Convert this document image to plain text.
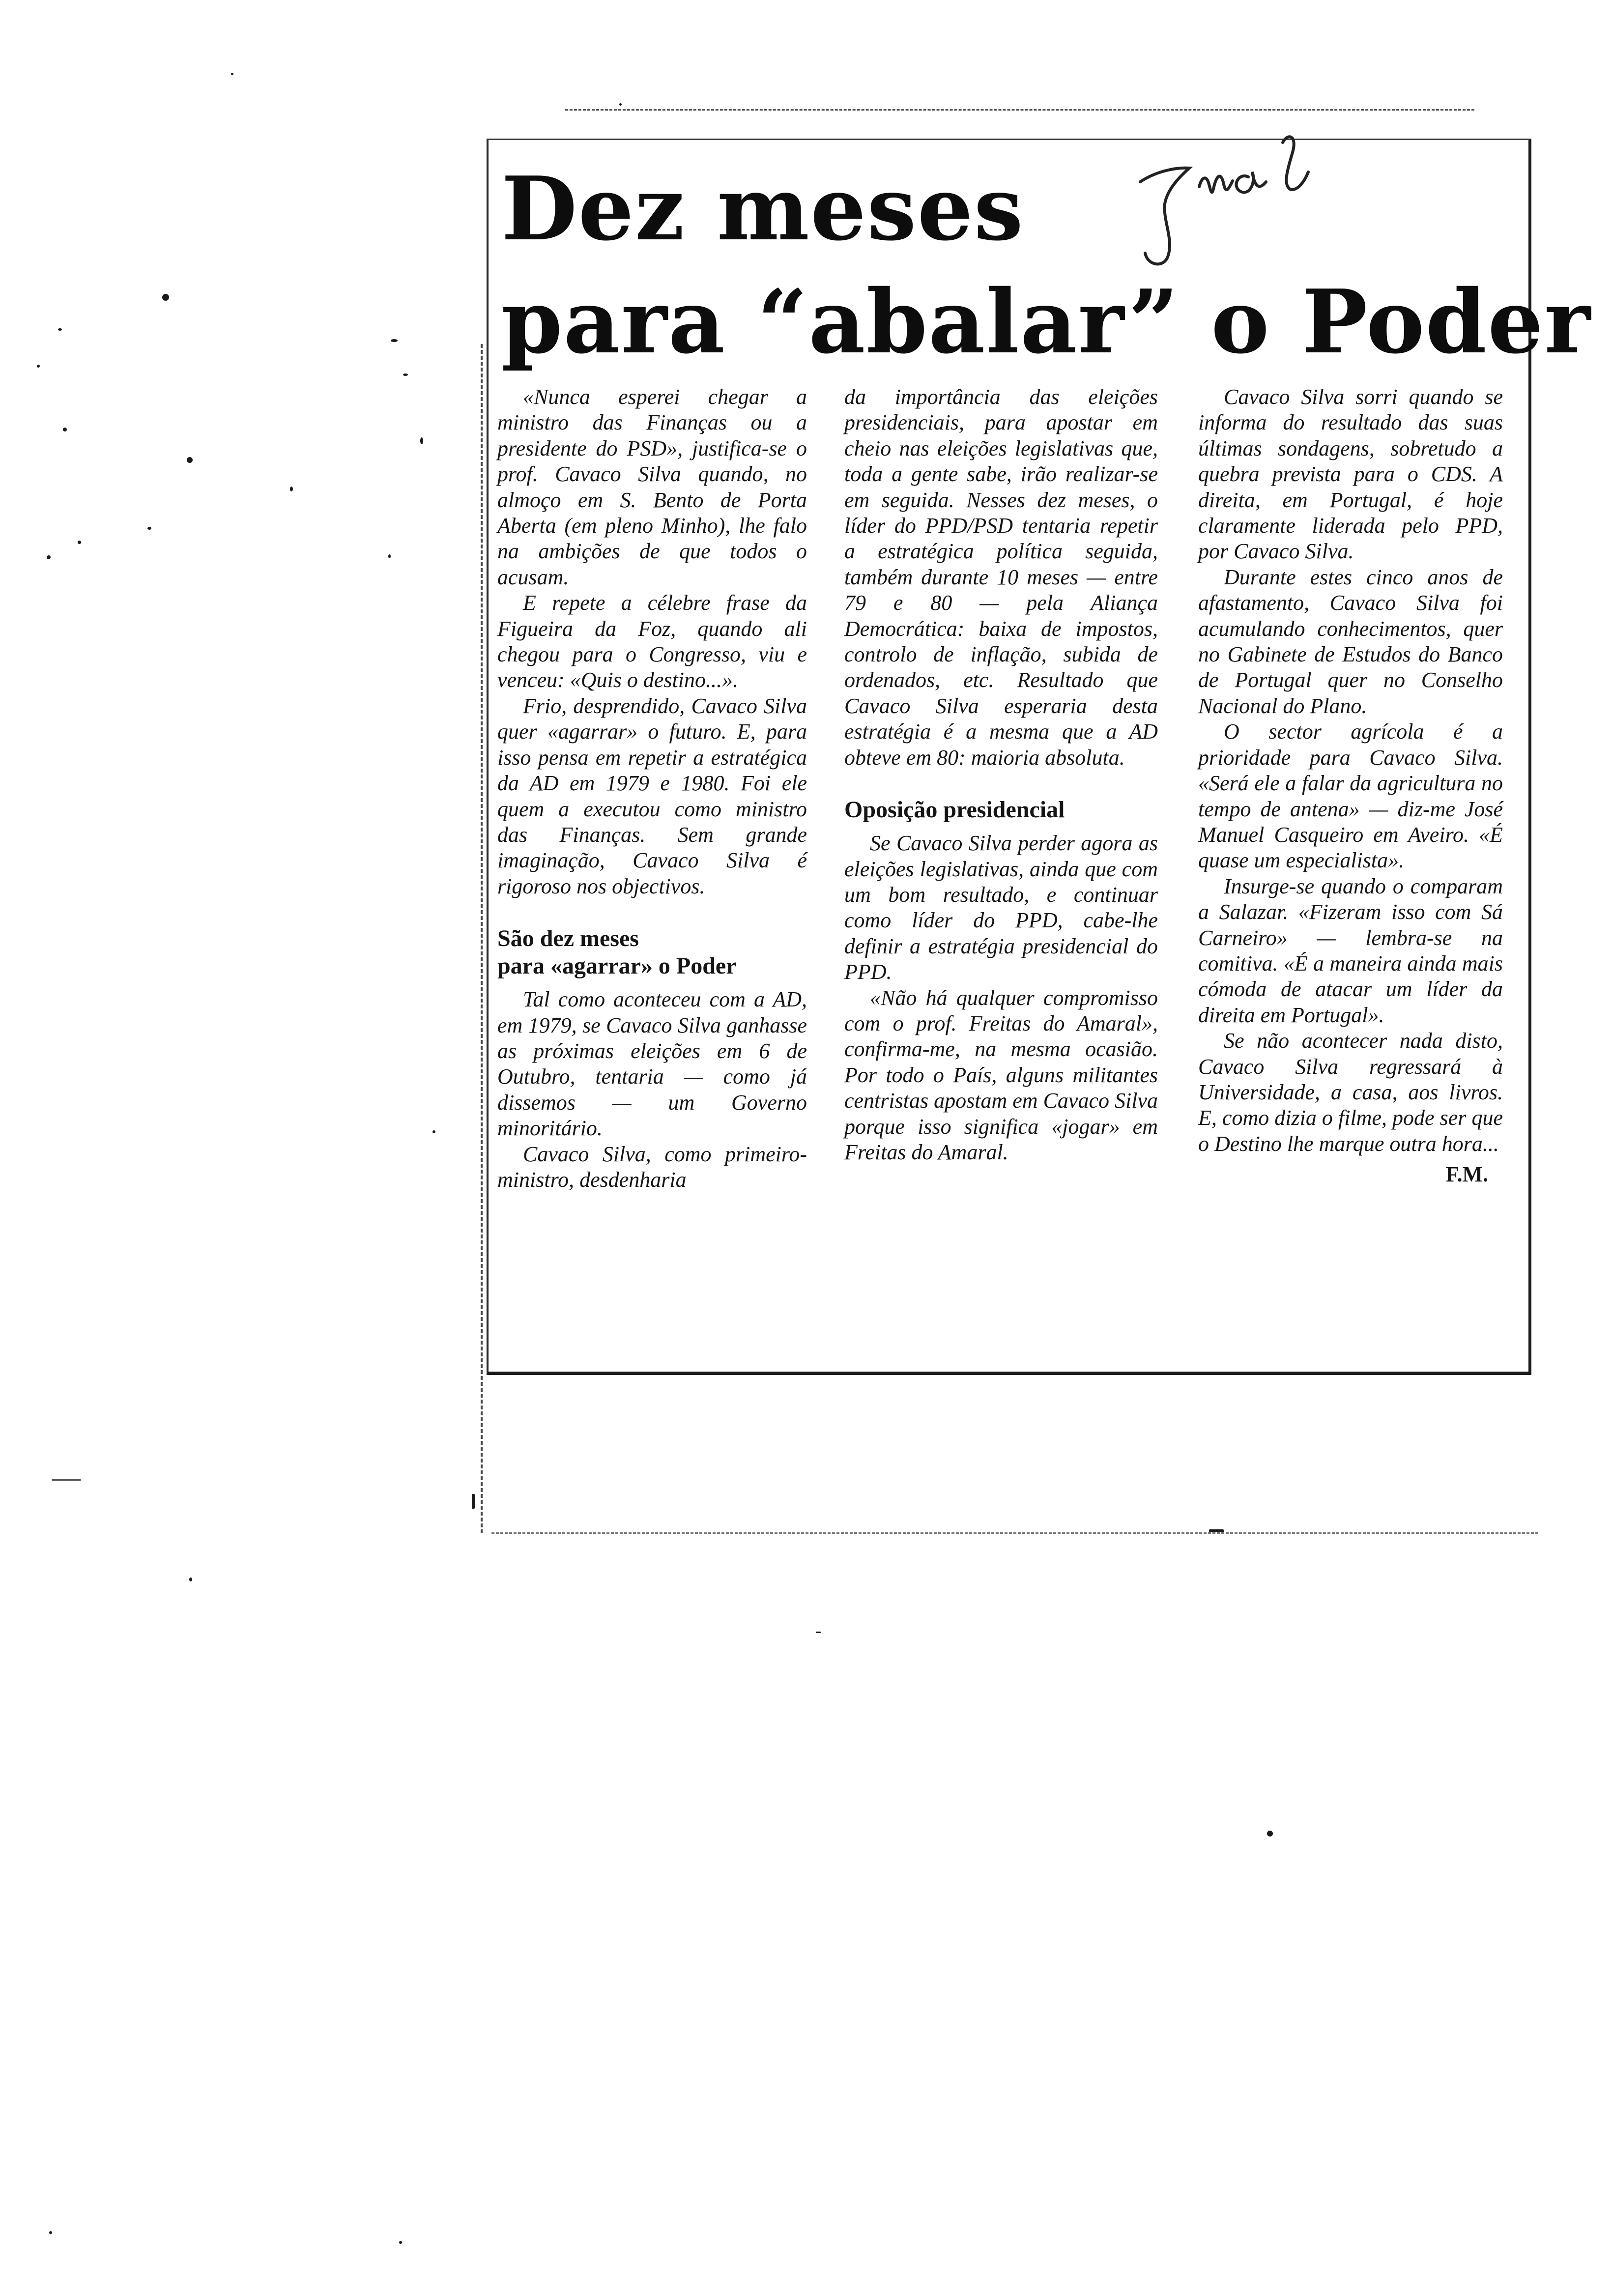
Dez meses
para “abalar” o Poder

«Nunca esperei chegar a ministro das Finanças ou a presidente do PSD», justifica-se o prof. Cavaco Silva quando, no almoço em S. Bento de Porta Aberta (em pleno Minho), lhe falo na ambições de que todos o acusam.

E repete a célebre frase da Figueira da Foz, quando ali chegou para o Congresso, viu e venceu: «Quis o destino...».

Frio, desprendido, Cavaco Silva quer «agarrar» o futuro. E, para isso pensa em repetir a estratégica da AD em 1979 e 1980. Foi ele quem a executou como ministro das Finanças. Sem grande imaginação, Cavaco Silva é rigoroso nos objectivos.

São dez meses
para «agarrar» o Poder

Tal como aconteceu com a AD, em 1979, se Cavaco Silva ganhasse as próximas eleições em 6 de Outubro, tentaria — como já dissemos — um Governo minoritário.

Cavaco Silva, como primeiro-ministro, desdenharia

da importância das eleições presidenciais, para apostar em cheio nas eleições legislativas que, toda a gente sabe, irão realizar-se em seguida. Nesses dez meses, o líder do PPD/PSD tentaria repetir a estratégica política seguida, também durante 10 meses — entre 79 e 80 — pela Aliança Democrática: baixa de impostos, controlo de inflação, subida de ordenados, etc. Resultado que Cavaco Silva esperaria desta estratégia é a mesma que a AD obteve em 80: maioria absoluta.

Oposição presidencial

Se Cavaco Silva perder agora as eleições legislativas, ainda que com um bom resultado, e continuar como líder do PPD, cabe-lhe definir a estratégia presidencial do PPD.

«Não há qualquer compromisso com o prof. Freitas do Amaral», confirma-me, na mesma ocasião. Por todo o País, alguns militantes centristas apostam em Cavaco Silva porque isso significa «jogar» em Freitas do Amaral.

Cavaco Silva sorri quando se informa do resultado das suas últimas sondagens, sobretudo a quebra prevista para o CDS. A direita, em Portugal, é hoje claramente liderada pelo PPD, por Cavaco Silva.

Durante estes cinco anos de afastamento, Cavaco Silva foi acumulando conhecimentos, quer no Gabinete de Estudos do Banco de Portugal quer no Conselho Nacional do Plano.

O sector agrícola é a prioridade para Cavaco Silva. «Será ele a falar da agricultura no tempo de antena» — diz-me José Manuel Casqueiro em Aveiro. «É quase um especialista».

Insurge-se quando o comparam a Salazar. «Fizeram isso com Sá Carneiro» — lembra-se na comitiva. «É a maneira ainda mais cómoda de atacar um líder da direita em Portugal».

Se não acontecer nada disto, Cavaco Silva regressará à Universidade, a casa, aos livros. E, como dizia o filme, pode ser que o Destino lhe marque outra hora...

F.M.
